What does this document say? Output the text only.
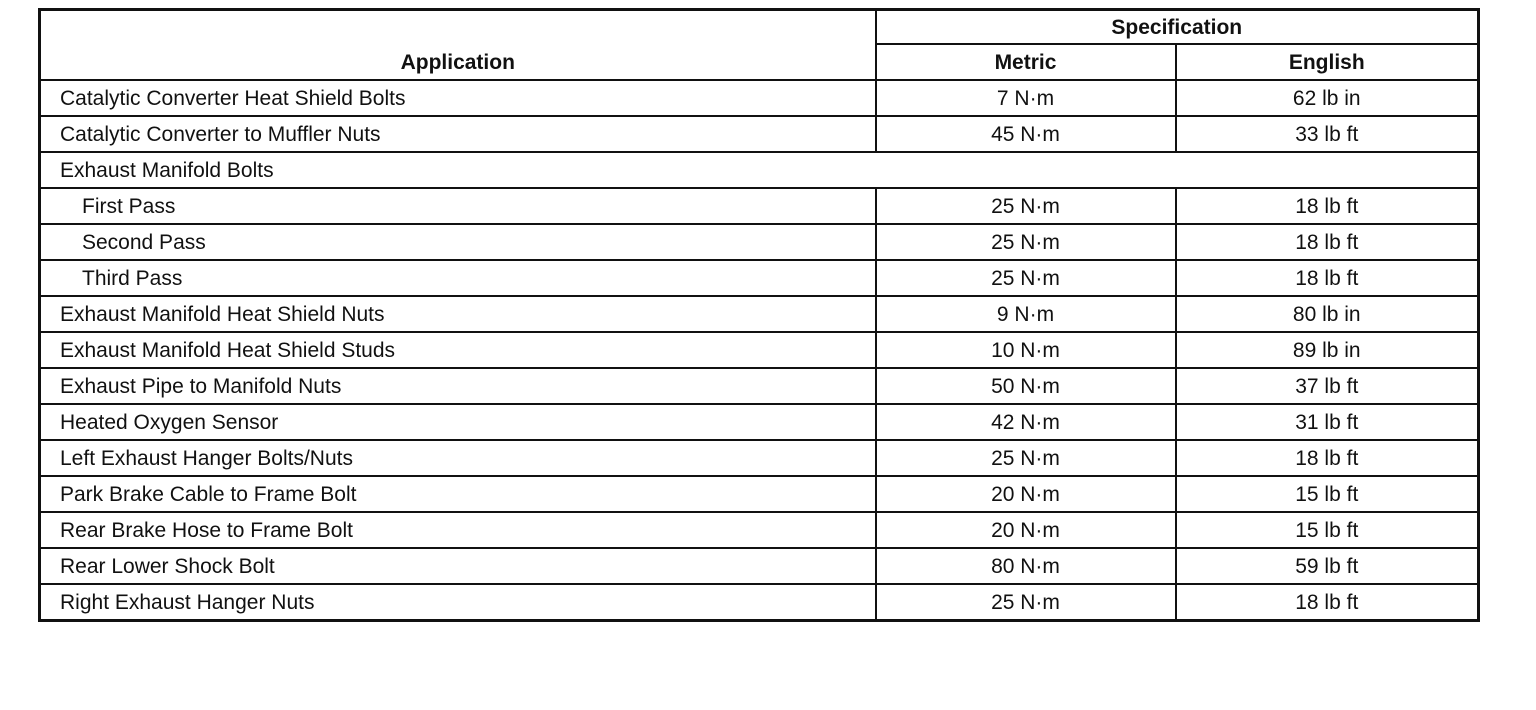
Application	Specification	
	Metric	English
Catalytic Converter Heat Shield Bolts	7 N·m	62 lb in
Catalytic Converter to Muffler Nuts	45 N·m	33 lb ft
Exhaust Manifold Bolts		
First Pass	25 N·m	18 lb ft
Second Pass	25 N·m	18 lb ft
Third Pass	25 N·m	18 lb ft
Exhaust Manifold Heat Shield Nuts	9 N·m	80 lb in
Exhaust Manifold Heat Shield Studs	10 N·m	89 lb in
Exhaust Pipe to Manifold Nuts	50 N·m	37 lb ft
Heated Oxygen Sensor	42 N·m	31 lb ft
Left Exhaust Hanger Bolts/Nuts	25 N·m	18 lb ft
Park Brake Cable to Frame Bolt	20 N·m	15 lb ft
Rear Brake Hose to Frame Bolt	20 N·m	15 lb ft
Rear Lower Shock Bolt	80 N·m	59 lb ft
Right Exhaust Hanger Nuts	25 N·m	18 lb ft
